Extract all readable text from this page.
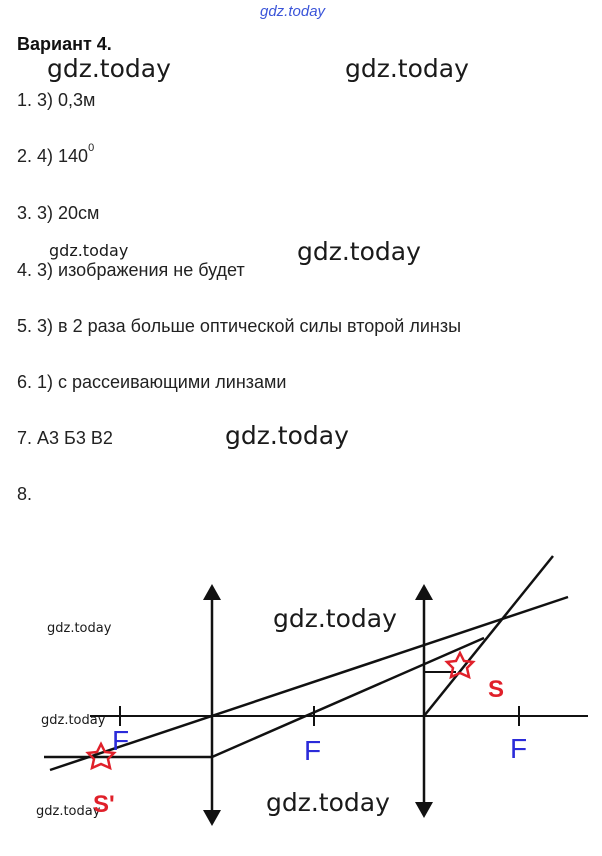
gdz.today
Вариант 4.
1. 3) 0,3м
2. 4) $140^0$
3. 3) 20см
4. 3) изображения не будет
5. 3) в 2 раза больше оптической силы второй линзы
6. 1) с рассеивающими линзами
7. А3 Б3 В2
8.
gdz.today	gdz.today
gdz.today	gdz.today
gdz.today
gdz.today	gdz.today
gdz.today
gdz.today
gdz.today
F	F	F
S
S'
